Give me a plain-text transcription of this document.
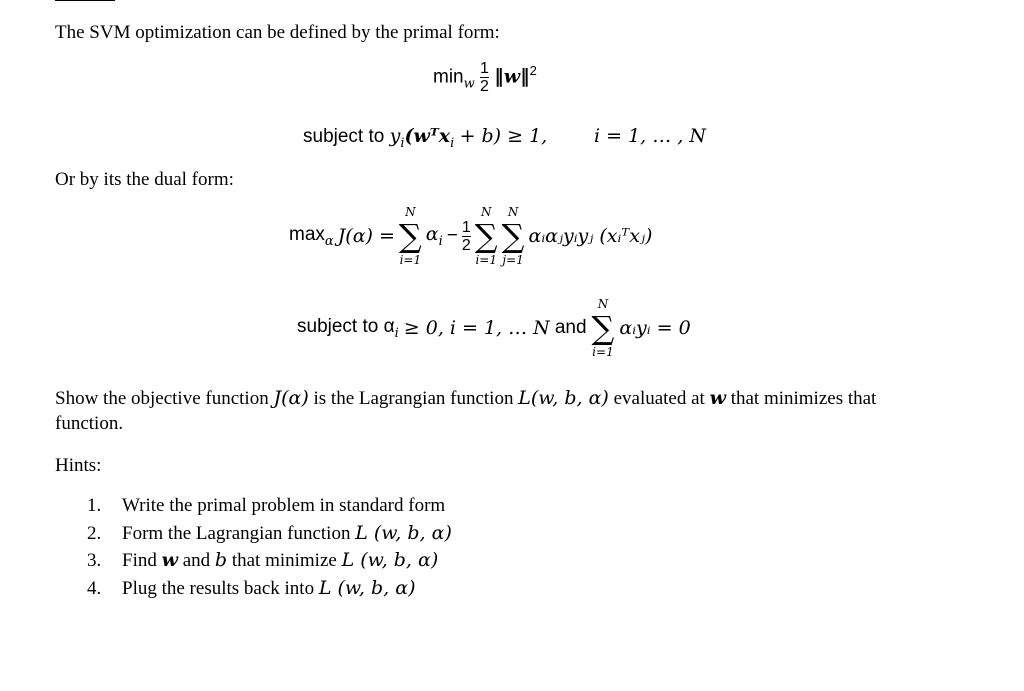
The SVM optimization can be defined by the primal form:
$\min_w \frac{1}{2}$ ‖w‖$^2$
subject to $y_i(wᵀx_i + b) \ge 1$, i = 1, … , N
Or by its the dual form:
$\max_\alpha J(\alpha)$ =
N
∑
i=1
$\alpha_i - \frac{1}{2}$
N
∑
i=1
N
∑
j=1
αᵢαⱼyᵢyⱼ (xᵢᵀxⱼ)
subject to $\alpha_i \ge 0$, i = 1, … N and
N
∑
i=1
αᵢyᵢ = 0
Show the objective function J(α) is the Lagrangian function L(w, b, α) evaluated at w that minimizes that
function.
Hints:
1. Write the primal problem in standard form
2. Form the Lagrangian function L (w, b, α)
3. Find w and b that minimize L (w, b, α)
4. Plug the results back into L (w, b, α)
